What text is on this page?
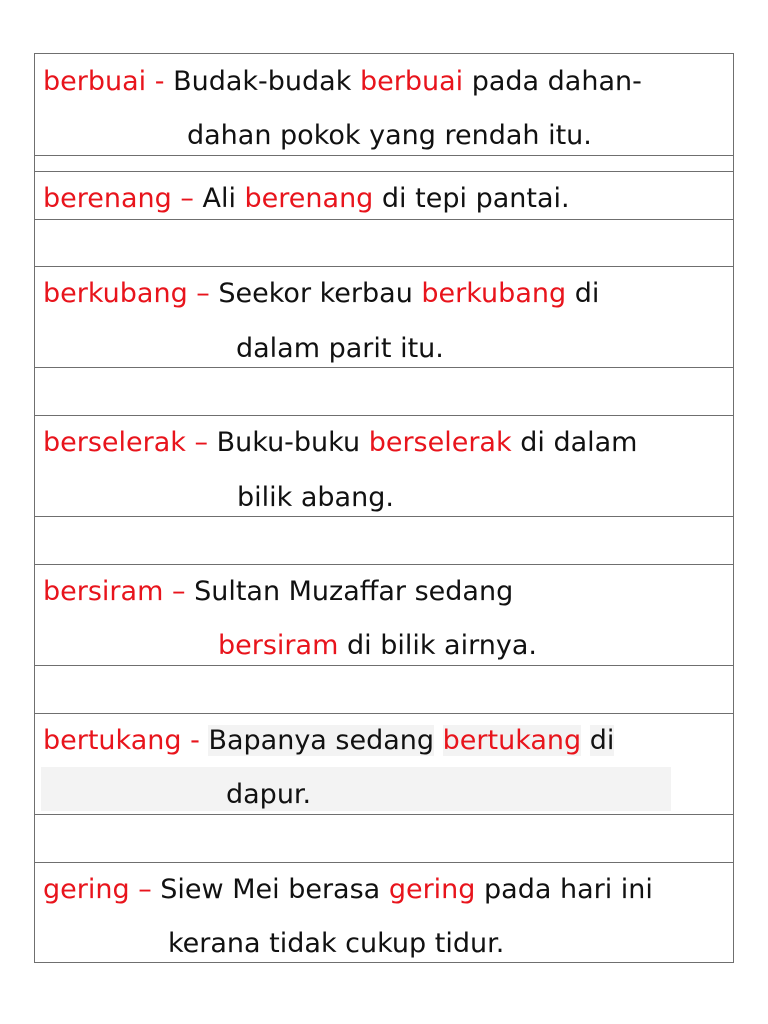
berbuai - Budak-budak berbuai pada dahan-
dahan pokok yang rendah itu.
berenang – Ali berenang di tepi pantai.
berkubang – Seekor kerbau berkubang di
dalam parit itu.
berselerak – Buku-buku berselerak di dalam
bilik abang.
bersiram – Sultan Muzaffar sedang
bersiram di bilik airnya.
bertukang - Bapanya sedang bertukang di
dapur.
gering – Siew Mei berasa gering pada hari ini
kerana tidak cukup tidur.
